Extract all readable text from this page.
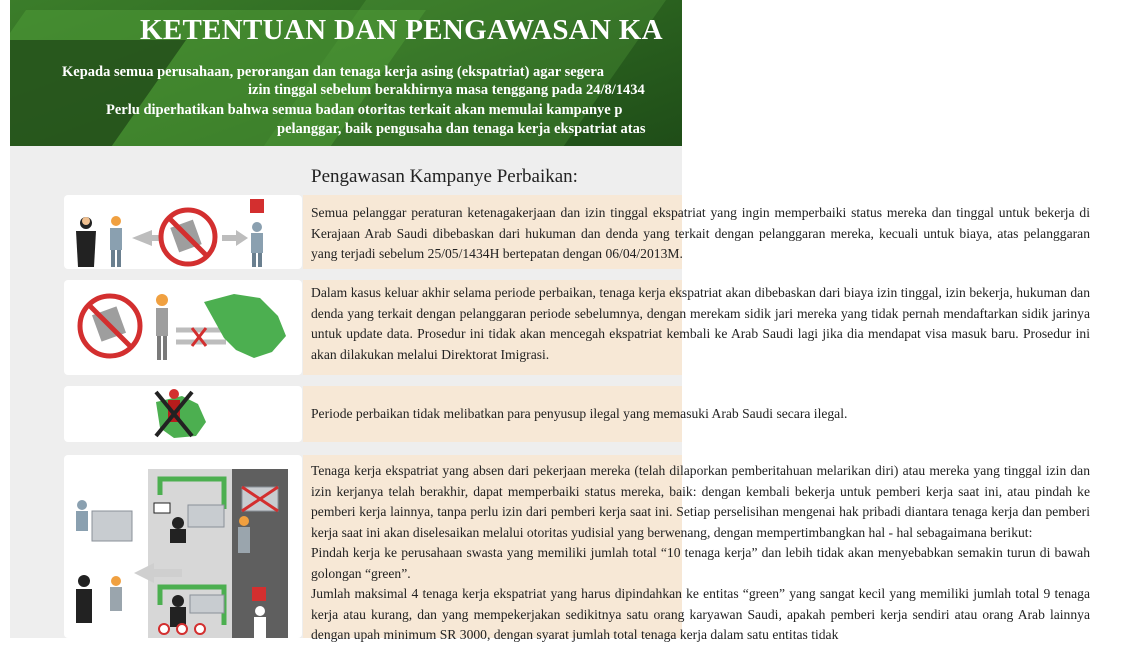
KETENTUAN DAN PENGAWASAN KA
Kepada semua perusahaan, perorangan dan tenaga kerja asing (ekspatriat) agar segera
izin tinggal sebelum berakhirnya masa tenggang pada 24/8/1434
Perlu diperhatikan bahwa semua badan otoritas terkait akan memulai kampanye p
pelanggar, baik pengusaha dan tenaga kerja ekspatriat atas
Pengawasan Kampanye Perbaikan:

Semua pelanggar peraturan ketenagakerjaan dan izin tinggal ekspatriat yang ingin memperbaiki status mereka dan tinggal untuk bekerja di Kerajaan Arab Saudi dibebaskan dari hukuman dan denda yang terkait dengan pelanggaran mereka, kecuali untuk biaya, atas pelanggaran yang terjadi sebelum 25/05/1434H bertepatan dengan 06/04/2013M.

Dalam kasus keluar akhir selama periode perbaikan, tenaga kerja ekspatriat akan dibebaskan dari biaya izin tinggal, izin bekerja, hukuman dan denda yang terkait dengan pelanggaran periode sebelumnya, dengan merekam sidik jari mereka yang tidak pernah mendaftarkan sidik jarinya untuk update data. Prosedur ini tidak akan mencegah ekspatriat kembali ke Arab Saudi lagi jika dia mendapat visa masuk baru. Prosedur ini akan dilakukan melalui Direktorat Imigrasi.

Periode perbaikan tidak melibatkan para penyusup ilegal yang memasuki Arab Saudi secara ilegal.

Tenaga kerja ekspatriat yang absen dari pekerjaan mereka (telah dilaporkan pemberitahuan melarikan diri) atau mereka yang tinggal izin dan izin kerjanya telah berakhir, dapat memperbaiki status mereka, baik: dengan kembali bekerja untuk pemberi kerja saat ini, atau pindah ke pemberi kerja lainnya, tanpa perlu izin dari pemberi kerja saat ini. Setiap perselisihan mengenai hak pribadi diantara tenaga kerja dan pemberi kerja saat ini akan diselesaikan melalui otoritas yudisial yang berwenang, dengan mempertimbangkan hal - hal sebagaimana berikut:

Pindah kerja ke perusahaan swasta yang memiliki jumlah total “10 tenaga kerja” dan lebih tidak akan menyebabkan semakin turun di bawah golongan “green”.

Jumlah maksimal 4 tenaga kerja ekspatriat yang harus dipindahkan ke entitas “green” yang sangat kecil yang memiliki jumlah total 9 tenaga kerja atau kurang, dan yang mempekerjakan sedikitnya satu orang karyawan Saudi, apakah pemberi kerja sendiri atau orang Arab lainnya dengan upah minimum SR 3000, dengan syarat jumlah total tenaga kerja dalam satu entitas tidak
